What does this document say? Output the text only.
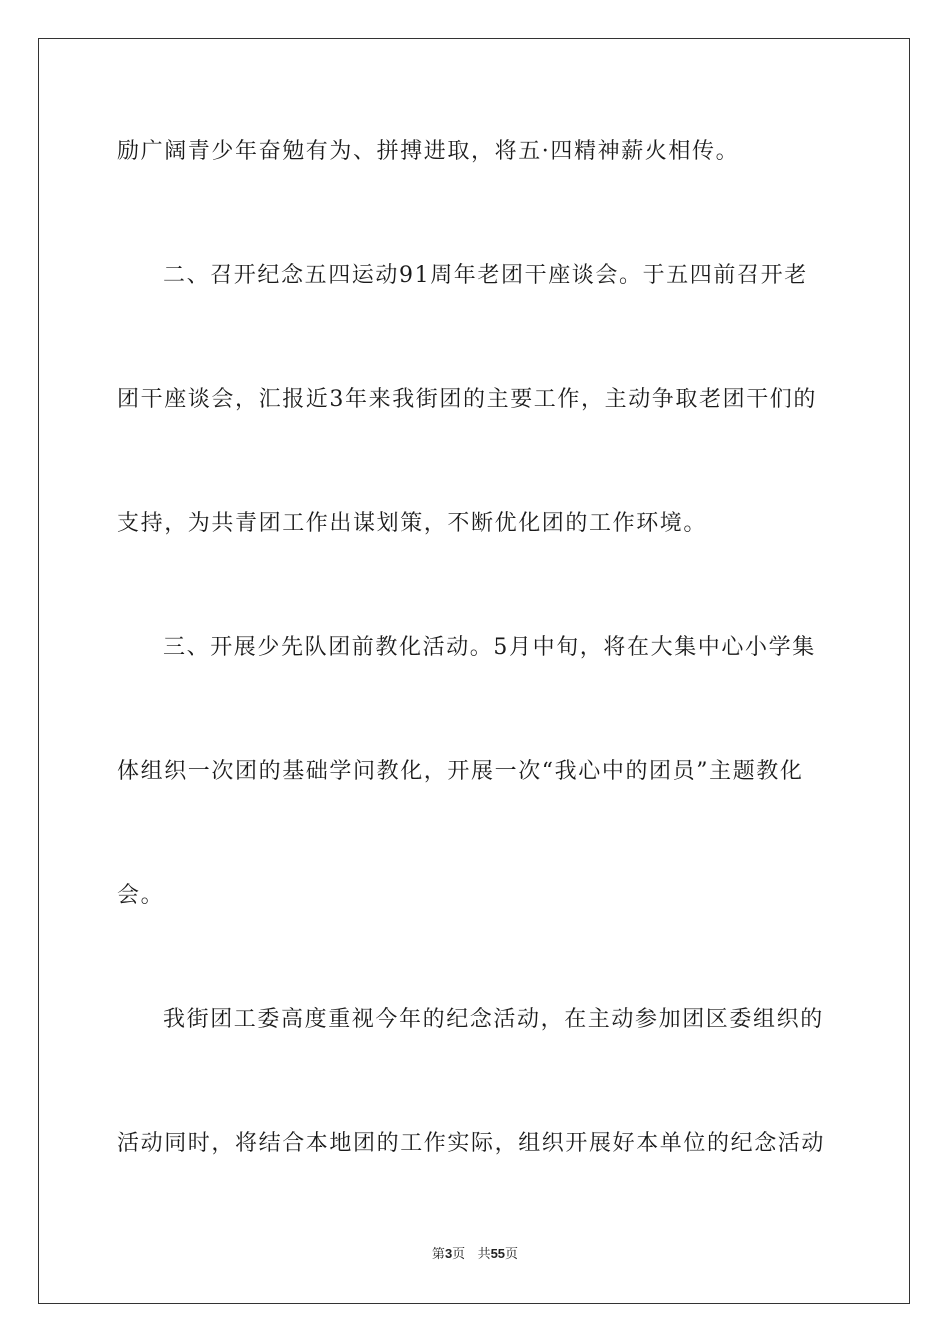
励广阔青少年奋勉有为、拼搏进取，将五·四精神薪火相传。
二、召开纪念五四运动91周年老团干座谈会。于五四前召开老
团干座谈会，汇报近3年来我街团的主要工作，主动争取老团干们的
支持，为共青团工作出谋划策，不断优化团的工作环境。
三、开展少先队团前教化活动。5月中旬，将在大集中心小学集
体组织一次团的基础学问教化，开展一次“我心中的团员”主题教化
会。
我街团工委高度重视今年的纪念活动，在主动参加团区委组织的
活动同时，将结合本地团的工作实际，组织开展好本单位的纪念活动
第3页   共55页
